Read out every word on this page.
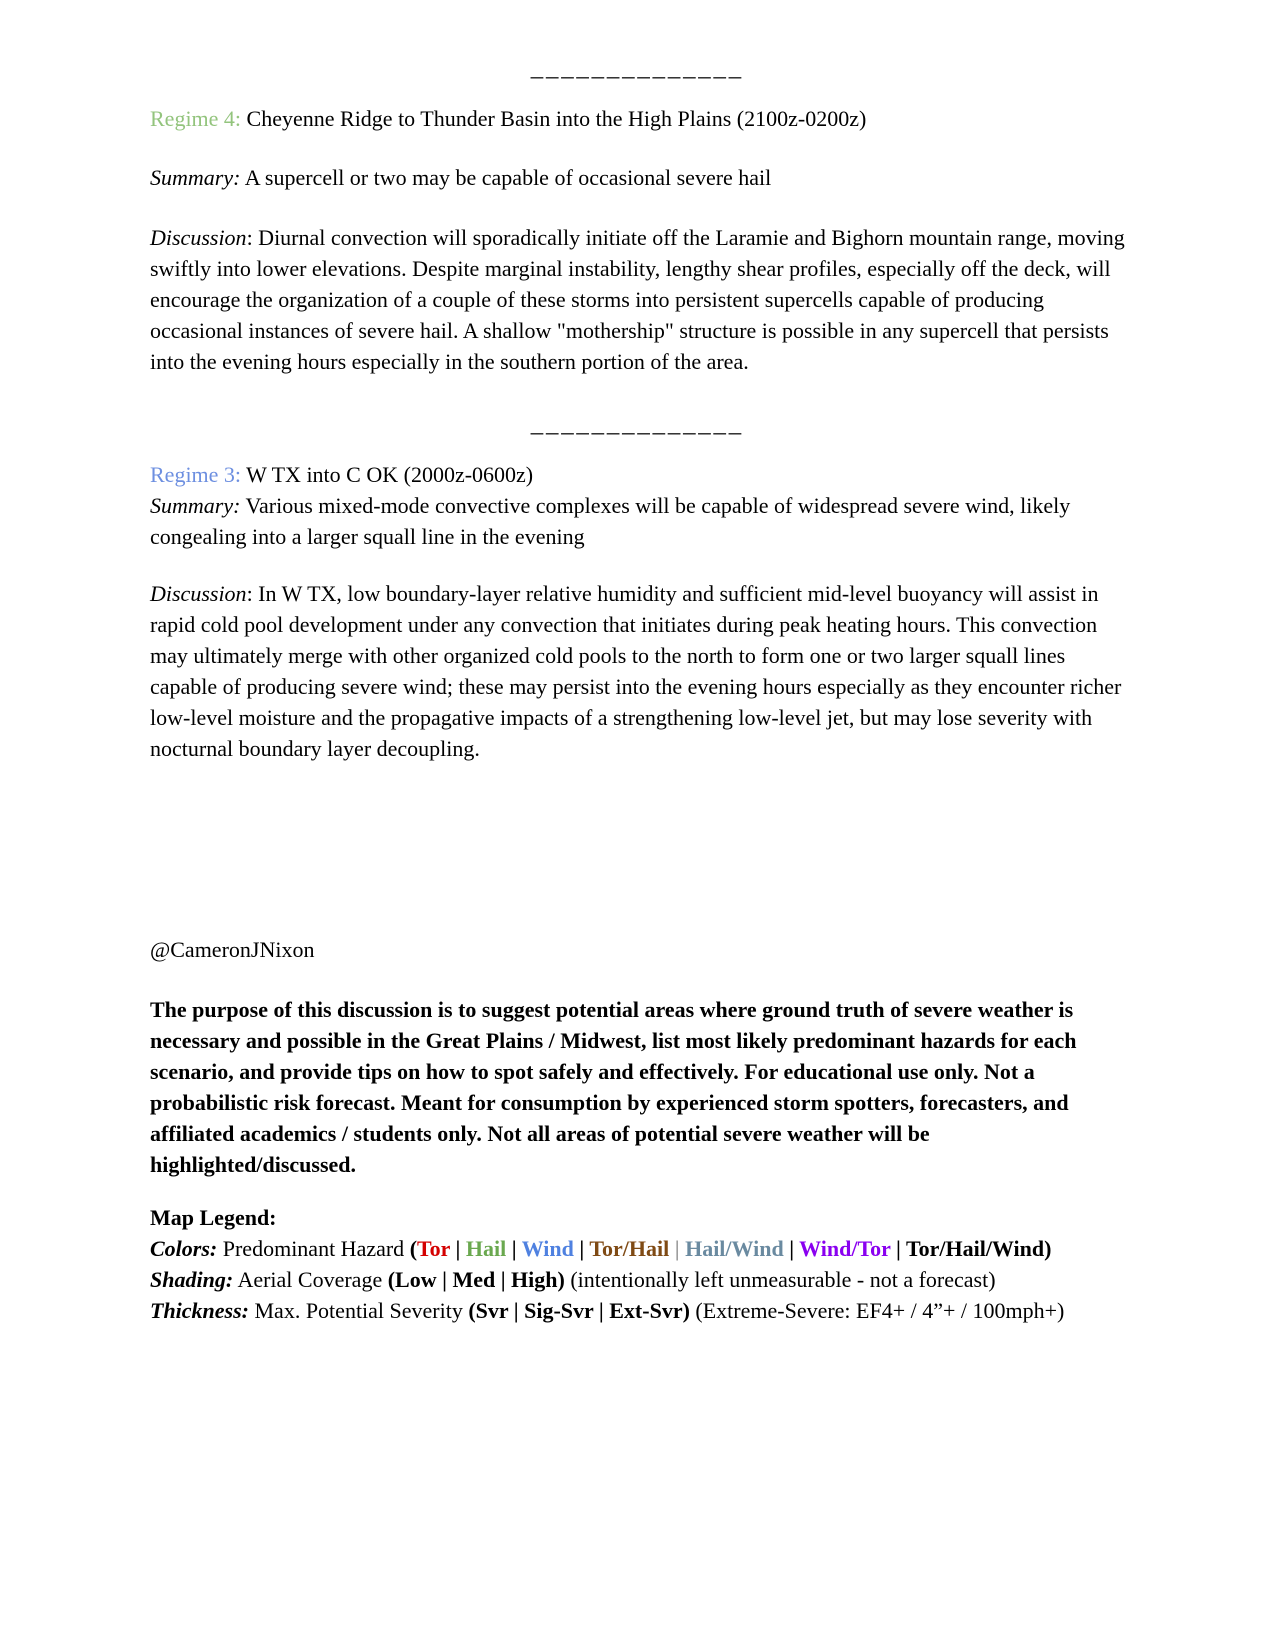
______________

Regime 4: Cheyenne Ridge to Thunder Basin into the High Plains (2100z-0200z)

Summary: A supercell or two may be capable of occasional severe hail

Discussion: Diurnal convection will sporadically initiate off the Laramie and Bighorn mountain range, moving swiftly into lower elevations. Despite marginal instability, lengthy shear profiles, especially off the deck, will encourage the organization of a couple of these storms into persistent supercells capable of producing occasional instances of severe hail. A shallow "mothership" structure is possible in any supercell that persists into the evening hours especially in the southern portion of the area.

______________

Regime 3: W TX into C OK (2000z-0600z)
Summary: Various mixed-mode convective complexes will be capable of widespread severe wind, likely congealing into a larger squall line in the evening

Discussion: In W TX, low boundary-layer relative humidity and sufficient mid-level buoyancy will assist in rapid cold pool development under any convection that initiates during peak heating hours. This convection may ultimately merge with other organized cold pools to the north to form one or two larger squall lines capable of producing severe wind; these may persist into the evening hours especially as they encounter richer low-level moisture and the propagative impacts of a strengthening low-level jet, but may lose severity with nocturnal boundary layer decoupling.

@CameronJNixon

The purpose of this discussion is to suggest potential areas where ground truth of severe weather is necessary and possible in the Great Plains / Midwest, list most likely predominant hazards for each scenario, and provide tips on how to spot safely and effectively. For educational use only. Not a probabilistic risk forecast. Meant for consumption by experienced storm spotters, forecasters, and affiliated academics / students only. Not all areas of potential severe weather will be highlighted/discussed.

Map Legend:
Colors: Predominant Hazard (Tor | Hail | Wind | Tor/Hail | Hail/Wind | Wind/Tor | Tor/Hail/Wind)
Shading: Aerial Coverage (Low | Med | High) (intentionally left unmeasurable - not a forecast)
Thickness: Max. Potential Severity (Svr | Sig-Svr | Ext-Svr) (Extreme-Severe: EF4+ / 4”+ / 100mph+)
